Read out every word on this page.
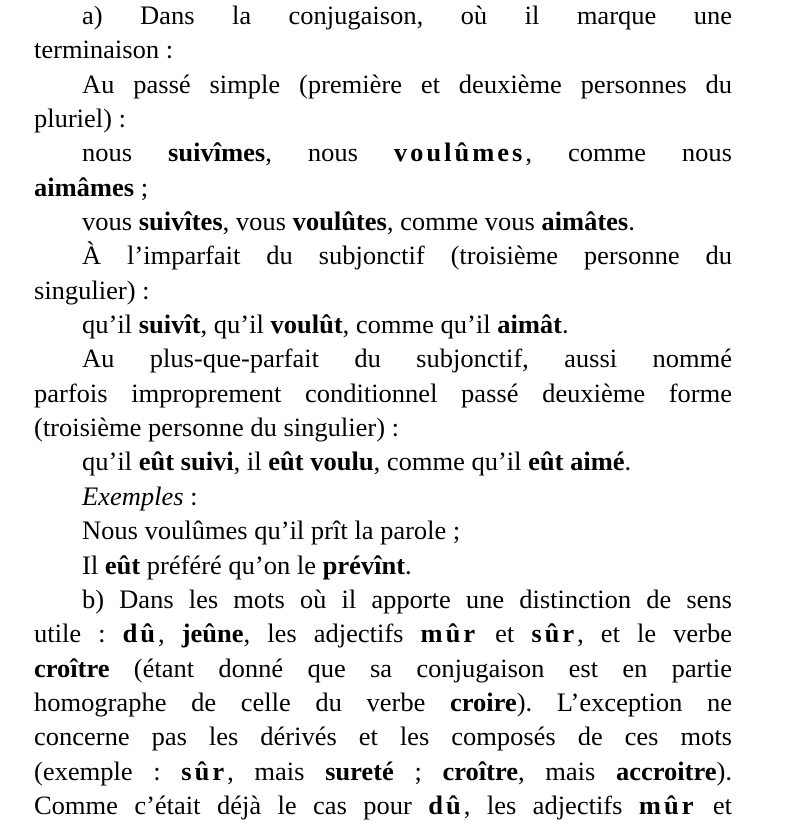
a) Dans la conjugaison, où il marque une
terminaison :
Au passé simple (première et deuxième personnes du
pluriel) :
nous suivîmes, nous voulûmes, comme nous
aimâmes ;
vous suivîtes, vous voulûtes, comme vous aimâtes.
À l’imparfait du subjonctif (troisième personne du
singulier) :
qu’il suivît, qu’il voulût, comme qu’il aimât.
Au plus-que-parfait du subjonctif, aussi nommé
parfois improprement conditionnel passé deuxième forme
(troisième personne du singulier) :
qu’il eût suivi, il eût voulu, comme qu’il eût aimé.
Exemples :
Nous voulûmes qu’il prît la parole ;
Il eût préféré qu’on le prévînt.
b) Dans les mots où il apporte une distinction de sens
utile : dû, jeûne, les adjectifs mûr et sûr, et le verbe
croître (étant donné que sa conjugaison est en partie
homographe de celle du verbe croire). L’exception ne
concerne pas les dérivés et les composés de ces mots
(exemple : sûr, mais sureté ; croître, mais accroitre).
Comme c’était déjà le cas pour dû, les adjectifs mûr et
